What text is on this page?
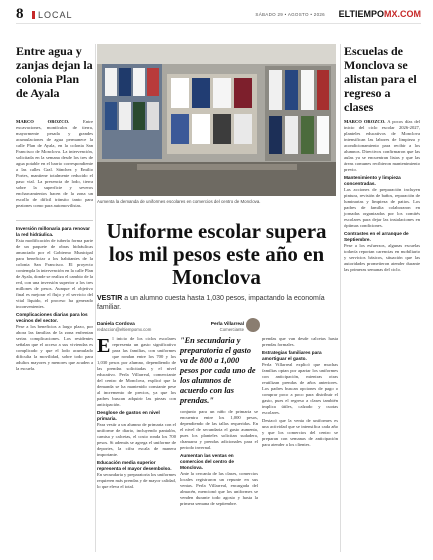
8	LOCAL	SÁBADO 29 • AGOSTO • 2026 ELTIEMPOMX.COM
Entre agua y zanjas dejan la colonia Plan de Ayala

MARCO OROZCO.	Entre excavaciones, montículos de tierra, mayormente pesada y grandes acumulaciones de agua permanece la calle Plan de Ayala, en la colonia San Francisco de Monclova. La intervención, solicitada en la semana desde los tres de agua potable en el barrio correspondiente a las calles Gral. Sánchez y Emilio Portes, mantiene totalmente reducido el paso vial. La presencia de lodo, tierra sobre la superficie y severos encharcamientos hacen de la zona un escollo de difícil tránsito tanto para peatones como para automovilistas.

Inversión millonaria para renovar la red hidráulica.

Esta modificación de tubería forma parte de un paquete de obras hidráulicas anunciado por el Gobierno Municipal para beneficiar a los habitantes de la colonia San Francisco. El proyecto contempla la intervención en la calle Plan de Ayala, donde se realiza el cambio de la red, con una inversión superior a los tres millones de pesos. Aunque el objetivo final es mejorar el flujo y el servicio del vital líquido, el proceso ha generado inconvenientes.

Complicaciones diarias para los vecinos del sector.

Pese a los beneficios a largo plazo, por ahora las familias de la zona enfrentan serias complicaciones. Los residentes señalan que el acceso a sus viviendas es complicado y que el lodo acumulado dificulta la movilidad, sobre todo para adultos mayores y menores que acuden a la escuela.

Aumenta la demanda de uniformes escolares en comercios del centro de Monclova.

Uniforme escolar supera los mil pesos este año en Monclova

VESTIR a un alumno cuesta hasta 1,030 pesos, impactando la economía familiar.

Daniela Cordova
redaccion@eltiempomx.com
Perla Villarreal
Comerciante

El inicio de los ciclos escolares representa un gasto significativo para las familias, con uniformes que rondan entre los 700 y los 1,030 pesos por alumno, dependiendo de las prendas solicitadas y el nivel educativo. Perla Villarreal, comerciante del centro de Monclova, explicó que la demanda se ha mantenido constante pese al incremento de precios, ya que los padres buscan adquirir las piezas con anticipación.

Desglose de gastos en nivel primaria.

Para vestir a un alumno de primaria con el uniforme de diario, incluyendo pantalón, camisa y calcetas, el costo ronda los 700 pesos. Si además se agrega el uniforme de deportes, la cifra escala de manera importante.

Educación media superior representa el mayor desembolso.

En secundaria y preparatoria los uniformes requieren más prendas y de mayor calidad, lo que eleva el total.

"En secundaria y preparatoria el gasto va de 800 a 1,000 pesos por cada uno de los alumnos de acuerdo con las prendas."

conjunto para un niño de primaria se encuentra entre los 1,000 pesos, dependiendo de las tallas requeridas. En el nivel de secundaria el gasto aumenta, pues los planteles solicitan sudadera, chamarra y prendas adicionales para el periodo invernal.

Aumentan las ventas en comercios del centro de Monclova.

Ante la cercanía de las clases, comercios locales registraron un repunte en sus ventas. Perla Villarreal, encargada del almacén, mencionó que los uniformes se venden durante todo agosto y hasta la primera semana de septiembre.

prendas que van desde calcetas hasta prendas formales.

Estrategias familiares para amortiguar el gasto.

Perla Villarreal explicó que muchas familias optan por apartar los uniformes con anticipación, mientras otras reutilizan prendas de años anteriores. Los padres buscan opciones de pago o comprar poco a poco para distribuir el gasto, pues el regreso a clases también implica útiles, calzado y cuotas escolares.

Destacó que la venta de uniformes es una actividad que se intensifica cada año y que los comercios del centro se preparan con semanas de anticipación para atender a los clientes.

Escuelas de Monclova se alistan para el regreso a clases

MARCO OROZCO. A pocos días del inicio del ciclo escolar 2026-2027, planteles educativos de Monclova intensifican las labores de limpieza y acondicionamiento para recibir a los alumnos. Directivos confirmaron que las aulas ya se encuentran listas y que las áreas comunes recibieron mantenimiento previo.

Mantenimiento y limpieza concentradas.

Las acciones de preparación incluyen pintura, revisión de baños, reparación de luminarias y limpieza de patios. Los padres de familia colaboraron en jornadas organizadas por los comités escolares para dejar las instalaciones en óptimas condiciones.

Contrastes en el arranque de Septiembre.

Pese a los esfuerzos, algunas escuelas todavía reportan carencias en mobiliario y servicios básicos, situación que las autoridades prometieron atender durante las primeras semanas del ciclo.
